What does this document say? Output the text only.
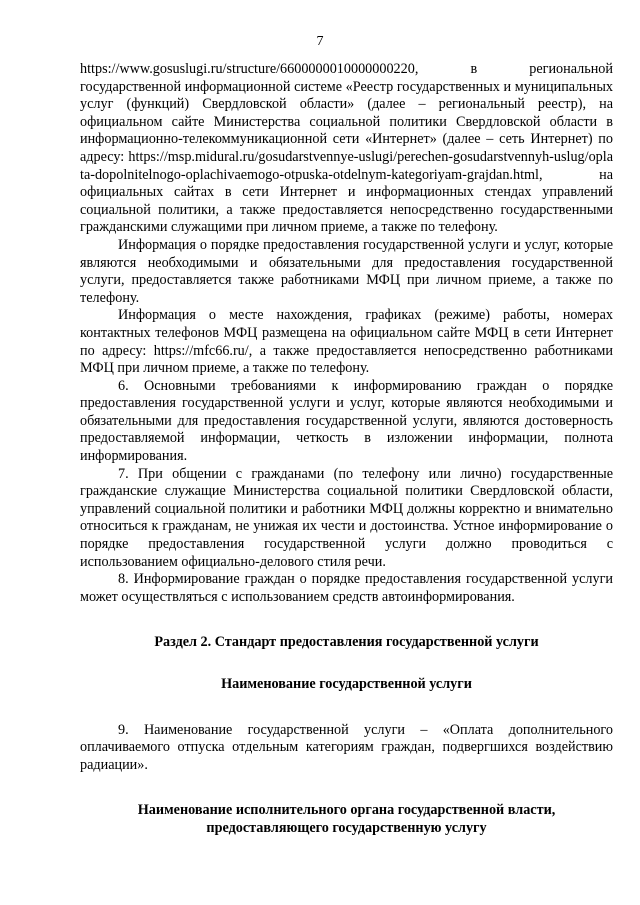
7

https://www.gosuslugi.ru/structure/6600000010000000220, в региональной государственной информационной системе «Реестр государственных и муниципальных услуг (функций) Свердловской области» (далее – региональный реестр), на официальном сайте Министерства социальной политики Свердловской области в информационно-телекоммуникационной сети «Интернет» (далее – сеть Интернет) по адресу: https://msp.midural.ru/gosudarstvennye-uslugi/perechen-gosudarstvennyh-uslug/oplata-dopolnitelnogo-oplachivaemogo-otpuska-otdelnym-kategoriyam-grajdan.html, на официальных сайтах в сети Интернет и информационных стендах управлений социальной политики, а также предоставляется непосредственно государственными гражданскими служащими при личном приеме, а также по телефону.

Информация о порядке предоставления государственной услуги и услуг, которые являются необходимыми и обязательными для предоставления государственной услуги, предоставляется также работниками МФЦ при личном приеме, а также по телефону.

Информация о месте нахождения, графиках (режиме) работы, номерах контактных телефонов МФЦ размещена на официальном сайте МФЦ в сети Интернет по адресу: https://mfc66.ru/, а также предоставляется непосредственно работниками МФЦ при личном приеме, а также по телефону.

6. Основными требованиями к информированию граждан о порядке предоставления государственной услуги и услуг, которые являются необходимыми и обязательными для предоставления государственной услуги, являются достоверность предоставляемой информации, четкость в изложении информации, полнота информирования.

7. При общении с гражданами (по телефону или лично) государственные гражданские служащие Министерства социальной политики Свердловской области, управлений социальной политики и работники МФЦ должны корректно и внимательно относиться к гражданам, не унижая их чести и достоинства. Устное информирование о порядке предоставления государственной услуги должно проводиться с использованием официально-делового стиля речи.

8. Информирование граждан о порядке предоставления государственной услуги может осуществляться с использованием средств автоинформирования.

Раздел 2. Стандарт предоставления государственной услуги
Наименование государственной услуги

9. Наименование государственной услуги – «Оплата дополнительного оплачиваемого отпуска отдельным категориям граждан, подвергшихся воздействию радиации».

Наименование исполнительного органа государственной власти,
предоставляющего государственную услугу
